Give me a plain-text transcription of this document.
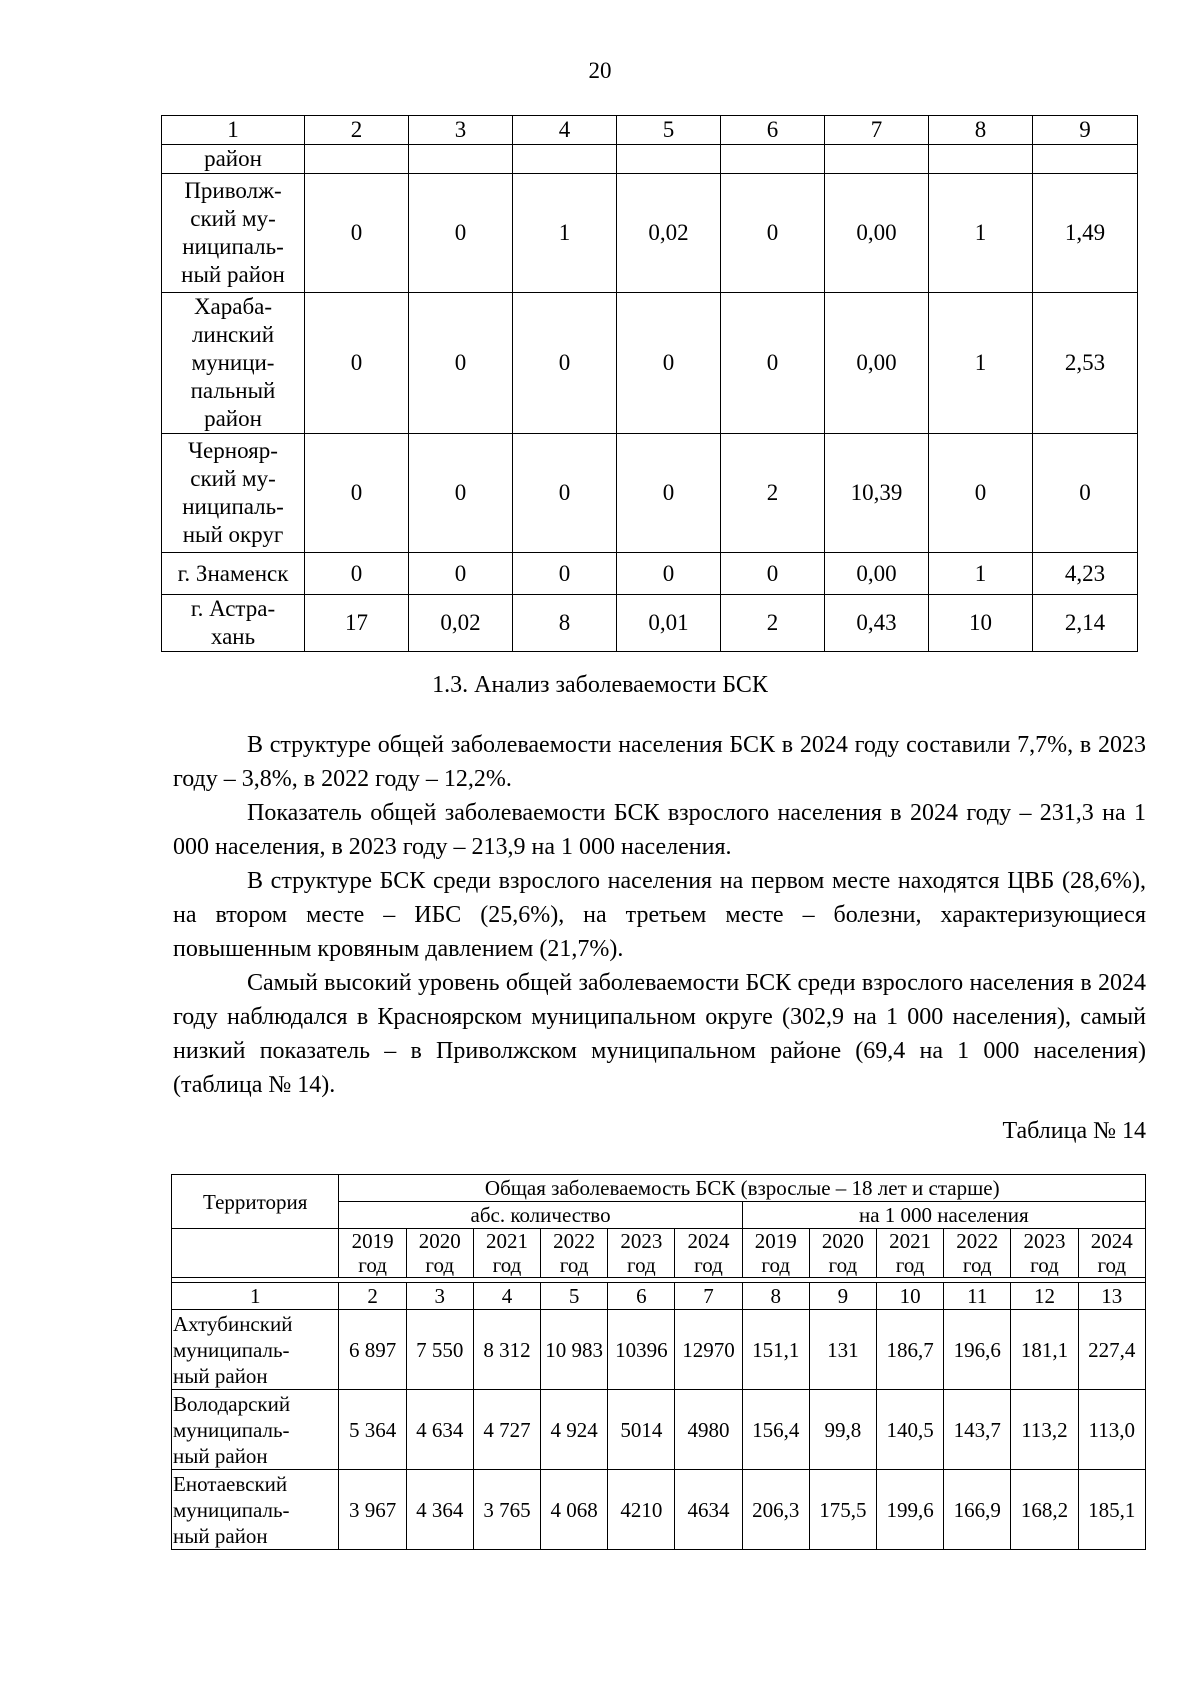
20
1	2	3	4	5	6	7	8	9
район								
Приволж-
ский му-
ниципаль-
ный район	0	0	1	0,02	0	0,00	1	1,49
Хараба-
линский
муници-
пальный
район	0	0	0	0	0	0,00	1	2,53
Чернояр-
ский му-
ниципаль-
ный округ	0	0	0	0	2	10,39	0	0
г. Знаменск	0	0	0	0	0	0,00	1	4,23
г. Астра-
хань	17	0,02	8	0,01	2	0,43	10	2,14
1.3. Анализ заболеваемости БСК

В структуре общей заболеваемости населения БСК в 2024 году составили 7,7%, в 2023 году – 3,8%, в 2022 году – 12,2%.

Показатель общей заболеваемости БСК взрослого населения в 2024 году – 231,3 на 1 000 населения, в 2023 году – 213,9 на 1 000 населения.

В структуре БСК среди взрослого населения на первом месте находятся ЦВБ (28,6%), на втором месте – ИБС (25,6%), на третьем месте – болезни, характеризующиеся повышенным кровяным давлением (21,7%).

Самый высокий уровень общей заболеваемости БСК среди взрослого населения в 2024 году наблюдался в Красноярском муниципальном округе (302,9 на 1 000 населения), самый низкий показатель – в Приволжском муниципальном районе (69,4 на 1 000 населения) (таблица № 14).

Таблица № 14
Территория	Общая заболеваемость БСК (взрослые – 18 лет и старше)											
	абс. количество						на 1 000 населения					
	2019 год	2020 год	2021 год	2022 год	2023 год	2024 год	2019 год	2020 год	2021 год	2022 год	2023 год	2024 год

1	2	3	4	5	6	7	8	9	10	11	12	13
Ахтубинский
муниципаль-
ный район	6 897	7 550	8 312	10 983	10396	12970	151,1	131	186,7	196,6	181,1	227,4
Володарский
муниципаль-
ный район	5 364	4 634	4 727	4 924	5014	4980	156,4	99,8	140,5	143,7	113,2	113,0
Енотаевский
муниципаль-
ный район	3 967	4 364	3 765	4 068	4210	4634	206,3	175,5	199,6	166,9	168,2	185,1
